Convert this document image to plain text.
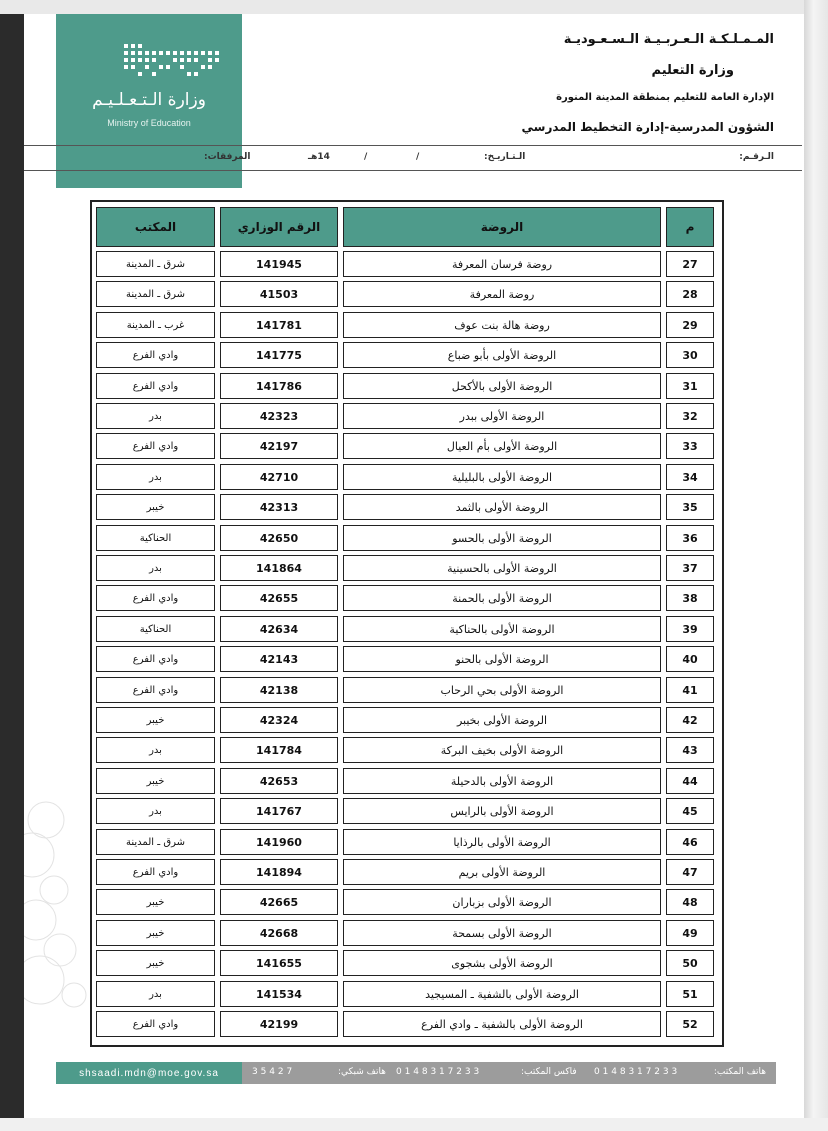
وزارة الـتـعـلـيـم
Ministry of Education
المـمـلـكـة الـعـربـيـة الـسـعـوديـة
وزارة التعليم
الإدارة العامة للتعليم بمنطقة المدينة المنورة
الشؤون المدرسية-إدارة التخطيط المدرسي
الـرقـم:
الـتـاريـخ:
/
/
14هـ
المرفقات:
م
الروضة
الرقم الوزاري
المكتب
27
روضة فرسان المعرفة
141945
شرق ـ المدينة
28
روضة المعرفة
41503
شرق ـ المدينة
29
روضة هالة بنت عوف
141781
غرب ـ المدينة
30
الروضة الأولى بأبو ضباع
141775
وادي الفرع
31
الروضة الأولى بالأكحل
141786
وادي الفرع
32
الروضة الأولى ببدر
42323
بدر
33
الروضة الأولى بأم العيال
42197
وادي الفرع
34
الروضة الأولى بالبليلية
42710
بدر
35
الروضة الأولى بالثمد
42313
خيبر
36
الروضة الأولى بالحسو
42650
الحناكية
37
الروضة الأولى بالحسينية
141864
بدر
38
الروضة الأولى بالحمنة
42655
وادي الفرع
39
الروضة الأولى بالحناكية
42634
الحناكية
40
الروضة الأولى بالحنو
42143
وادي الفرع
41
الروضة الأولى بحي الرحاب
42138
وادي الفرع
42
الروضة الأولى بخيبر
42324
خيبر
43
الروضة الأولى بخيف البركة
141784
بدر
44
الروضة الأولى بالدحيلة
42653
خيبر
45
الروضة الأولى بالرايس
141767
بدر
46
الروضة الأولى بالرذايا
141960
شرق ـ المدينة
47
الروضة الأولى بريم
141894
وادي الفرع
48
الروضة الأولى بزباران
42665
خيبر
49
الروضة الأولى بسمحة
42668
خيبر
50
الروضة الأولى بشجوى
141655
خيبر
51
الروضة الأولى بالشفية ـ المسيجيد
141534
بدر
52
الروضة الأولى بالشفية ـ وادي الفرع
42199
وادي الفرع
shsaadi.mdn@moe.gov.sa	هاتف المكتب:
3 3 2 7 1 3 8 4 1 0
فاكس المكتب:
3 3 2 7 1 3 8 4 1 0
هاتف شبكي:
7 2 4 5 3
